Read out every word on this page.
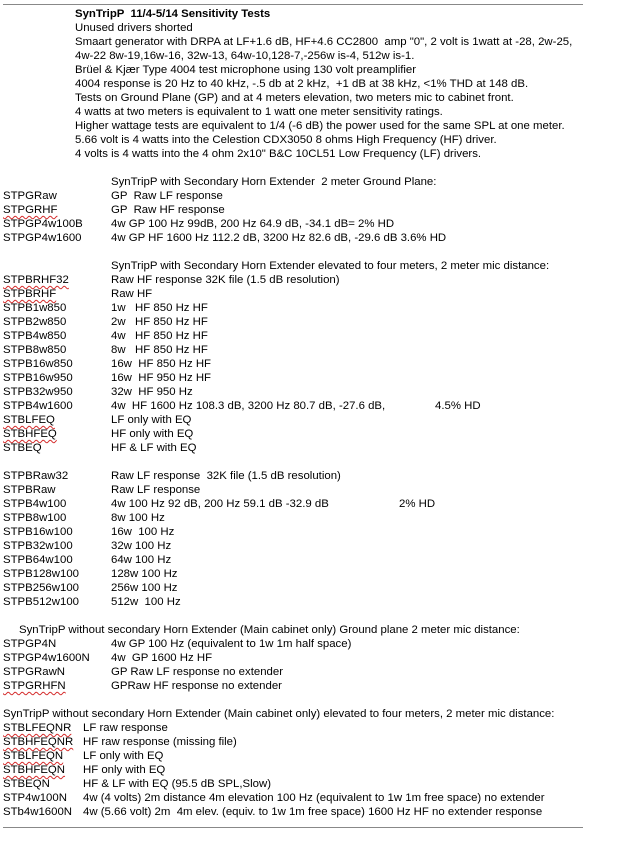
SynTripP  11/4-5/14 Sensitivity Tests
Unused drivers shorted
Smaart generator with DRPA at LF+1.6 dB, HF+4.6 CC2800  amp "0", 2 volt is 1watt at -28, 2w-25,
4w-22 8w-19,16w-16, 32w-13, 64w-10,128-7,-256w is-4, 512w is-1.
Brüel & Kjær Type 4004 test microphone using 130 volt preamplifier
4004 response is 20 Hz to 40 kHz, -.5 db at 2 kHz,  +1 dB at 38 kHz, <1% THD at 148 dB.
Tests on Ground Plane (GP) and at 4 meters elevation, two meters mic to cabinet front.
4 watts at two meters is equivalent to 1 watt one meter sensitivity ratings.
Higher wattage tests are equivalent to 1/4 (-6 dB) the power used for the same SPL at one meter.
5.66 volt is 4 watts into the Celestion CDX3050 8 ohms High Frequency (HF) driver.
4 volts is 4 watts into the 4 ohm 2x10" B&C 10CL51 Low Frequency (LF) drivers.
SynTripP with Secondary Horn Extender  2 meter Ground Plane:
STPGRaw	GP  Raw LF response
STPGRHF	GP  Raw HF response
STPGP4w100B 4w GP 100 Hz 99dB, 200 Hz 64.9 dB, -34.1 dB= 2% HD
STPGP4w1600	4w GP HF 1600 Hz 112.2 dB, 3200 Hz 82.6 dB, -29.6 dB 3.6% HD
SynTripP with Secondary Horn Extender elevated to four meters, 2 meter mic distance:
STPBRHF32	Raw HF response 32K file (1.5 dB resolution)
STPBRHF	Raw HF
STPB1w850	1w   HF 850 Hz HF
STPB2w850	2w   HF 850 Hz HF
STPB4w850	4w   HF 850 Hz HF
STPB8w850	8w   HF 850 Hz HF
STPB16w850	16w  HF 850 Hz HF
STPB16w950	16w  HF 950 Hz HF
STPB32w950	32w  HF 950 Hz
STPB4w1600	4w  HF 1600 Hz 108.3 dB, 3200 Hz 80.7 dB, -27.6 dB,	4.5% HD
STBLFEQ	LF only with EQ
STBHFEQ	HF only with EQ
STBEQ	HF & LF with EQ
STPBRaw32	Raw LF response  32K file (1.5 dB resolution)
STPBRaw	Raw LF response
STPB4w100	4w 100 Hz 92 dB, 200 Hz 59.1 dB -32.9 dB	2% HD
STPB8w100	8w 100 Hz
STPB16w100	16w  100 Hz
STPB32w100	32w 100 Hz
STPB64w100	64w 100 Hz
STPB128w100	128w 100 Hz
STPB256w100	256w 100 Hz
STPB512w100	512w  100 Hz
SynTripP without secondary Horn Extender (Main cabinet only) Ground plane 2 meter mic distance:
STPGP4N	4w GP 100 Hz (equivalent to 1w 1m half space)
STPGP4w1600N 4w  GP 1600 Hz HF
STPGRawN	GP Raw LF response no extender
STPGRHFN	GPRaw HF response no extender
SynTripP without secondary Horn Extender (Main cabinet only) elevated to four meters, 2 meter mic distance:
STBLFEQNR LF raw response
STBHFEQNR HF raw response (missing file)
STBLFEQN LF only with EQ
STBHFEQN HF only with EQ
STBEQN	HF & LF with EQ (95.5 dB SPL,Slow)
STP4w100N 4w (4 volts) 2m distance 4m elevation 100 Hz (equivalent to 1w 1m free space) no extender
STb4w1600N 4w (5.66 volt) 2m  4m elev. (equiv. to 1w 1m free space) 1600 Hz HF no extender response
